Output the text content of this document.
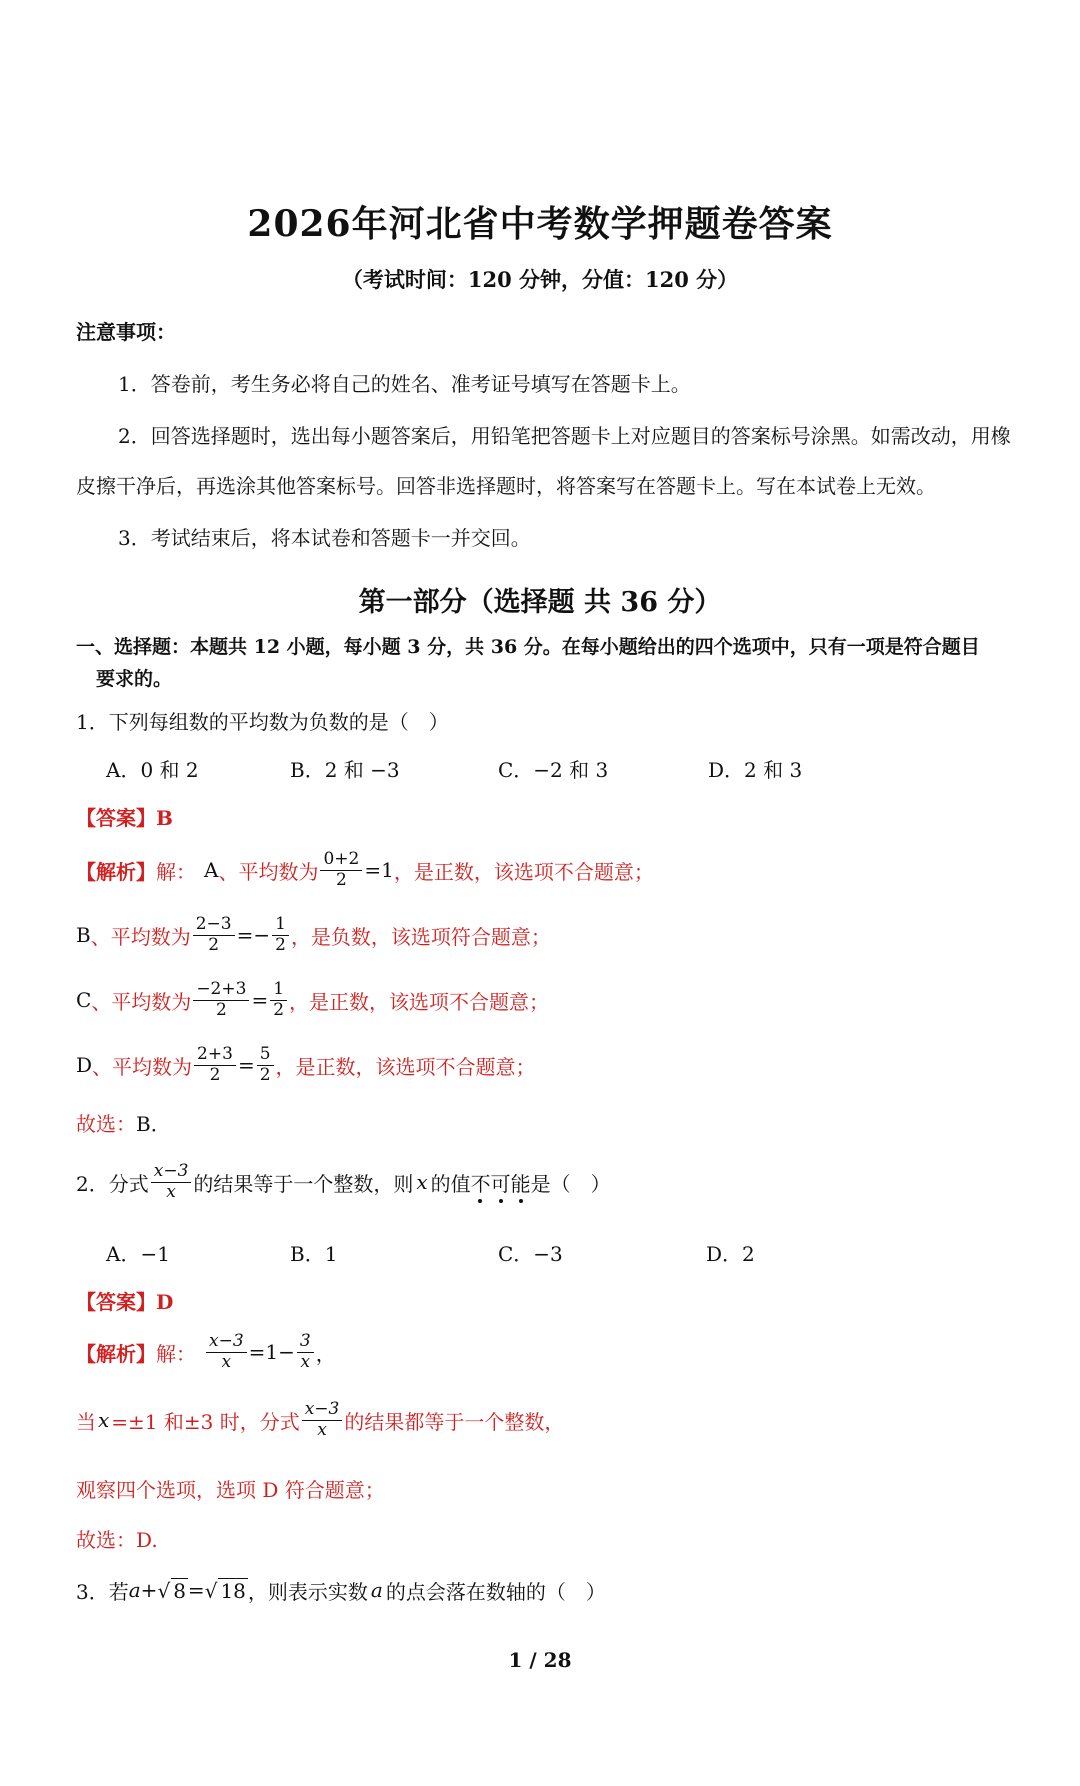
2026年河北省中考数学押题卷答案
（考试时间：120 分钟，分值：120 分）
注意事项：
1．答卷前，考生务必将自己的姓名、准考证号填写在答题卡上。
2．回答选择题时，选出每小题答案后，用铅笔把答题卡上对应题目的答案标号涂黑。如需改动，用橡
皮擦干净后，再选涂其他答案标号。回答非选择题时，将答案写在答题卡上。写在本试卷上无效。
3．考试结束后，将本试卷和答题卡一并交回。
第一部分（选择题 共 36 分）
一、选择题：本题共 12 小题，每小题 3 分，共 36 分。在每小题给出的四个选项中，只有一项是符合题目
要求的。
1．下列每组数的平均数为负数的是（　）
A．0 和 2	B．2 和 −3	C．−2 和 3	D．2 和 3
【答案】B
【解析】 解： A 、平均数为 $\frac{0+2}{2} =1$ ，是正数，该选项不合题意；
B 、平均数为 $\frac{2-3}{2} =- \frac{1}{2}$ ，是负数，该选项符合题意；
C 、平均数为 $\frac{-2+3}{2} = \frac{1}{2}$ ，是正数，该选项不合题意；
D 、平均数为 $\frac{2+3}{2} = \frac{5}{2}$ ，是正数，该选项不合题意；
故选：B．
2．分式 $\frac{x-3}{x}$ 的结果等于一个整数，则 x 的值 不可能 是（　）
A．−1	B．1	C．−3	D．2
【答案】D
【解析】 解： $\frac{x-3}{x} =1- \frac{3}{x}$ ，
当 x =±1 和±3 时，分式 $\frac{x-3}{x}$ 的结果都等于一个整数，
观察四个选项，选项 D 符合题意；
故选：D.
3．若 a + √ 8 = √ 18 ，则表示实数 a 的点会落在数轴的（　）
1 / 28
